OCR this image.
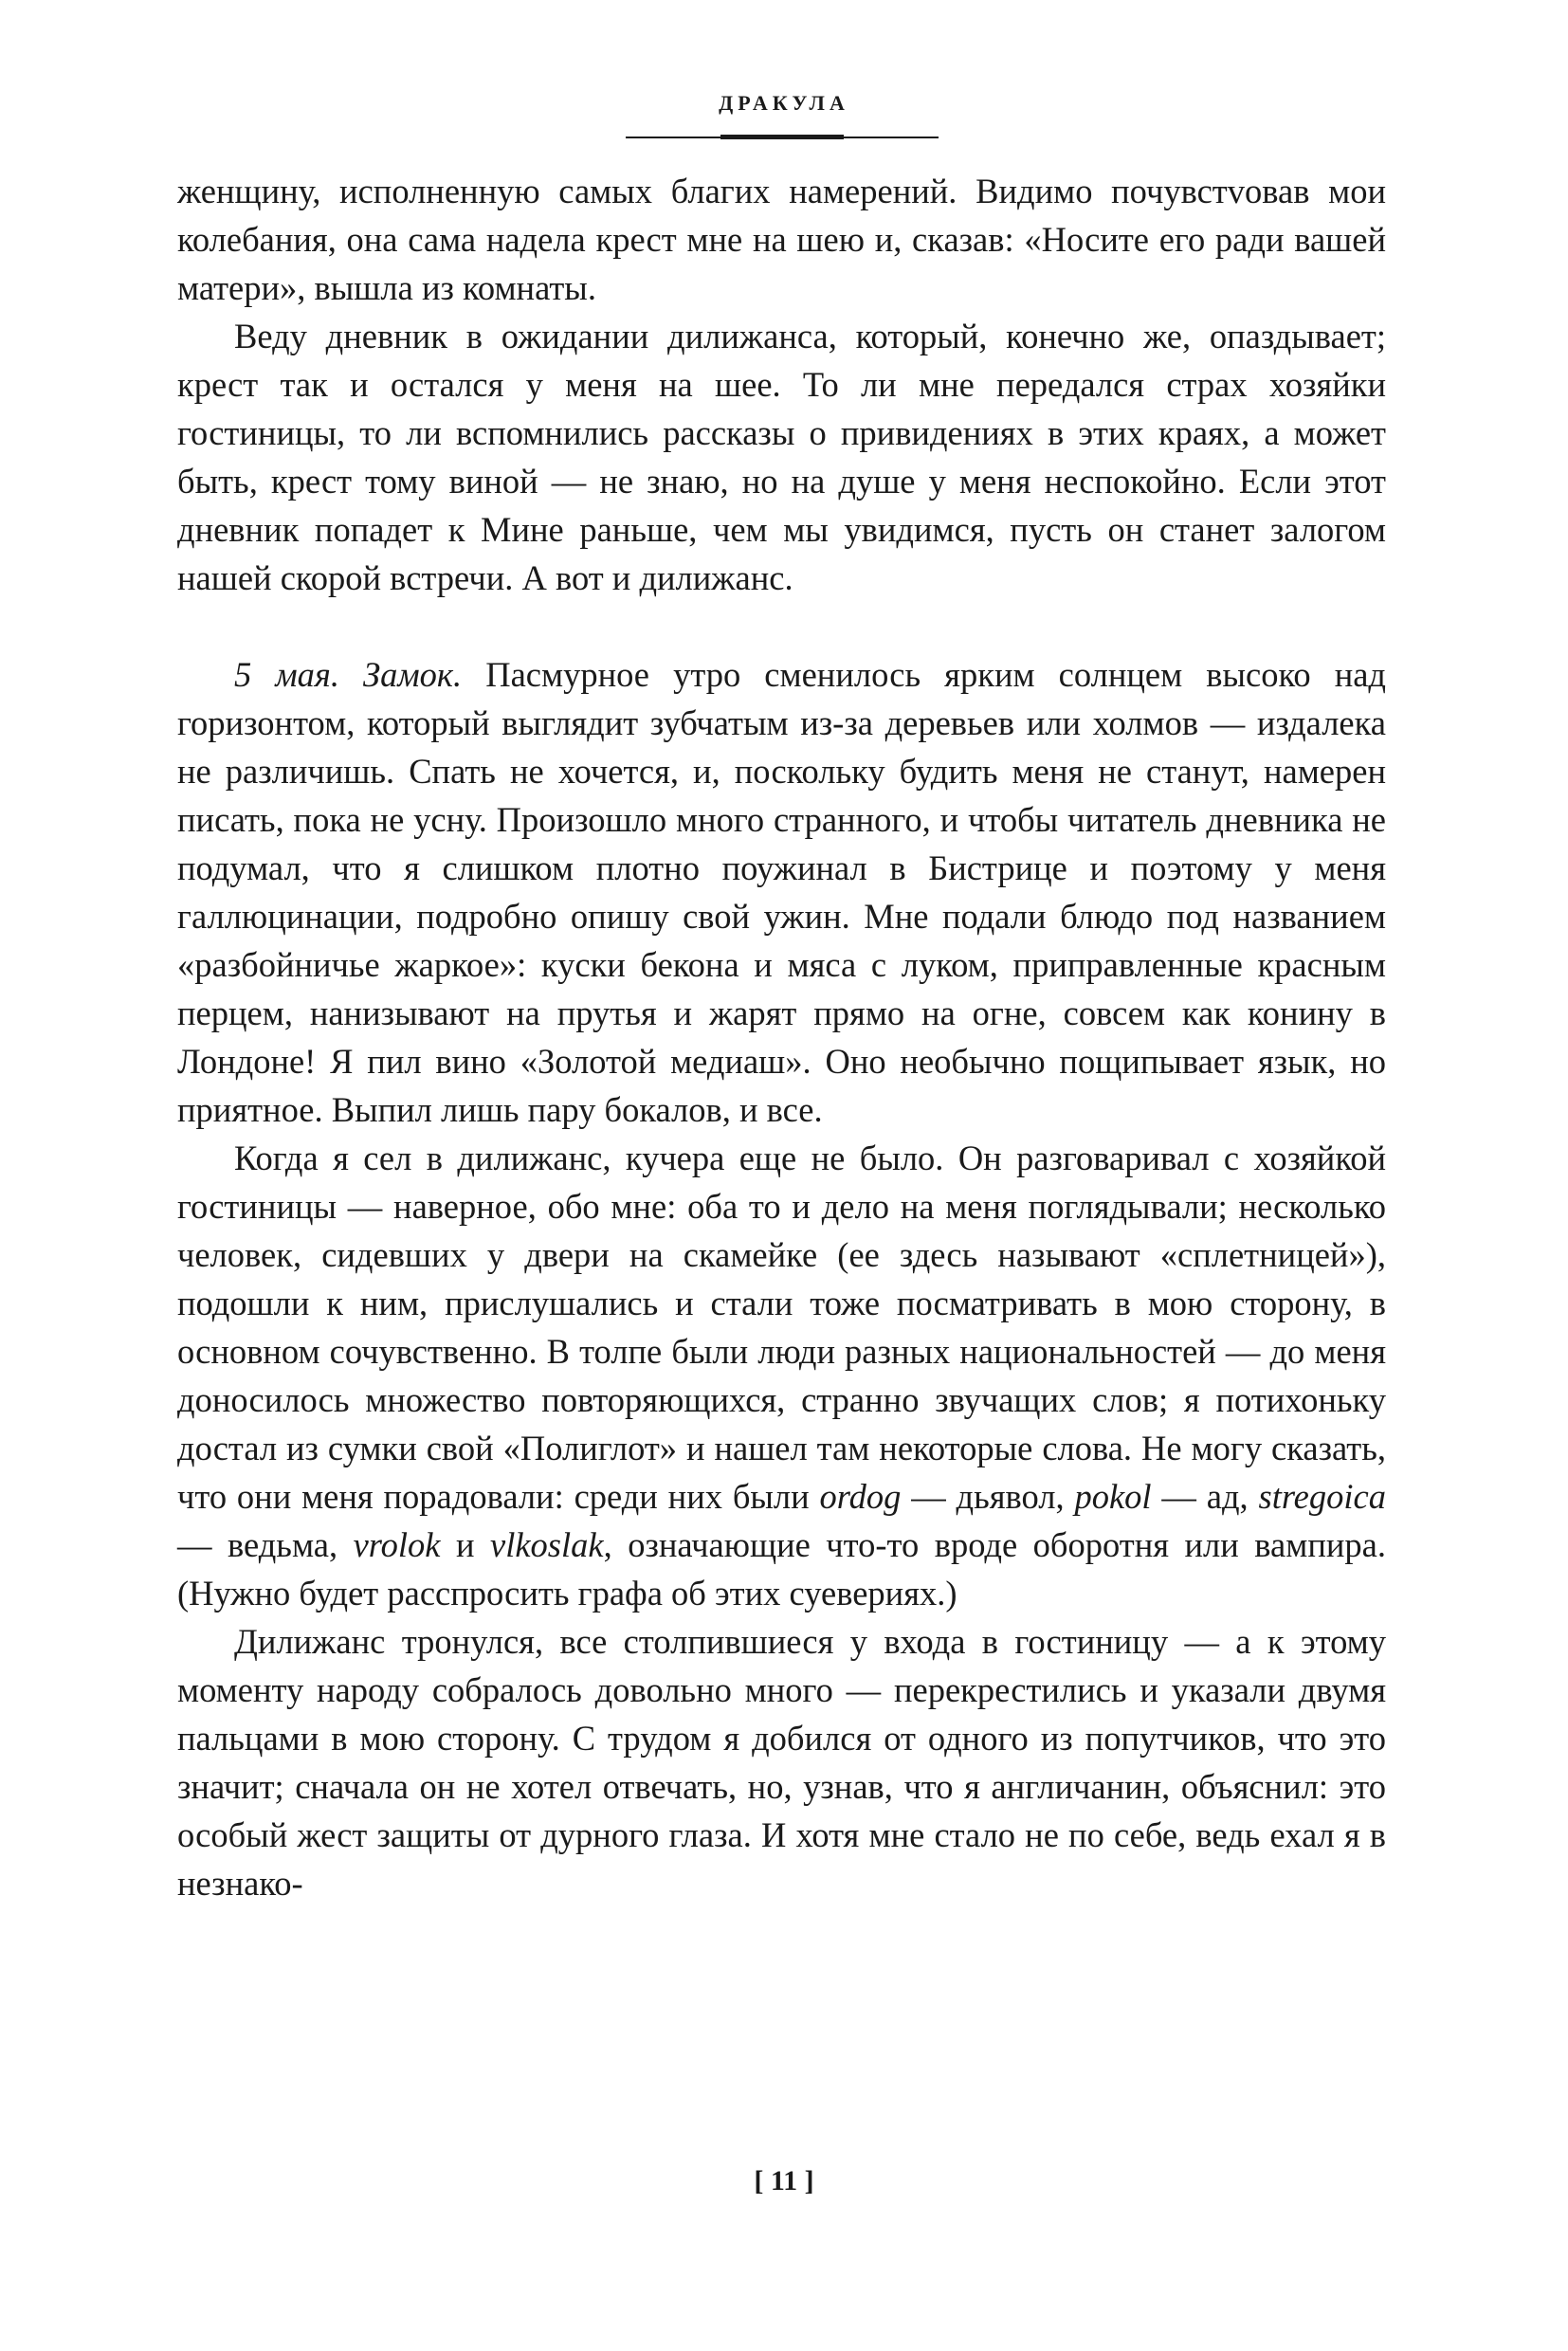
ДРАКУЛА

женщину, исполненную самых благих намерений. Видимо почувстvовав мои колебания, она сама надела крест мне на шею и, сказав: «Носите его ради вашей матери», вышла из комнаты.

Веду дневник в ожидании дилижанса, который, конечно же, опаздывает; крест так и остался у меня на шее. То ли мне передался страх хозяйки гостиницы, то ли вспомнились рассказы о привидениях в этих краях, а может быть, крест тому виной — не знаю, но на душе у меня неспокойно. Если этот дневник попадет к Мине раньше, чем мы увидимся, пусть он станет залогом нашей скорой встречи. А вот и дилижанс.

5 мая. Замок. Пасмурное утро сменилось ярким солнцем высоко над горизонтом, который выглядит зубчатым из-за деревьев или холмов — издалека не различишь. Спать не хочется, и, поскольку будить меня не станут, намерен писать, пока не усну. Произошло много странного, и чтобы читатель дневника не подумал, что я слишком плотно поужинал в Бистрице и поэтому у меня галлюцинации, подробно опишу свой ужин. Мне подали блюдо под названием «разбойничье жаркое»: куски бекона и мяса с луком, приправленные красным перцем, нанизывают на прутья и жарят прямо на огне, совсем как конину в Лондоне! Я пил вино «Золотой медиаш». Оно необычно пощипывает язык, но приятное. Выпил лишь пару бокалов, и все.

Когда я сел в дилижанс, кучера еще не было. Он разговаривал с хозяйкой гостиницы — наверное, обо мне: оба то и дело на меня поглядывали; несколько человек, сидевших у двери на скамейке (ее здесь называют «сплетницей»), подошли к ним, прислушались и стали тоже посматривать в мою сторону, в основном сочувственно. В толпе были люди разных национальностей — до меня доносилось множество повторяющихся, странно звучащих слов; я потихоньку достал из сумки свой «Полиглот» и нашел там некоторые слова. Не могу сказать, что они меня порадовали: среди них были ordog — дьявол, pokol — ад, stregoica — ведьма, vrolok и vlkoslak, означающие что-то вроде оборотня или вампира. (Нужно будет расспросить графа об этих суевериях.)

Дилижанс тронулся, все столпившиеся у входа в гостиницу — а к этому моменту народу собралось довольно много — перекрестились и указали двумя пальцами в мою сторону. С трудом я добился от одного из попутчиков, что это значит; сначала он не хотел отвечать, но, узнав, что я англичанин, объяснил: это особый жест защиты от дурного глаза. И хотя мне стало не по себе, ведь ехал я в незнако-

[ 11 ]
